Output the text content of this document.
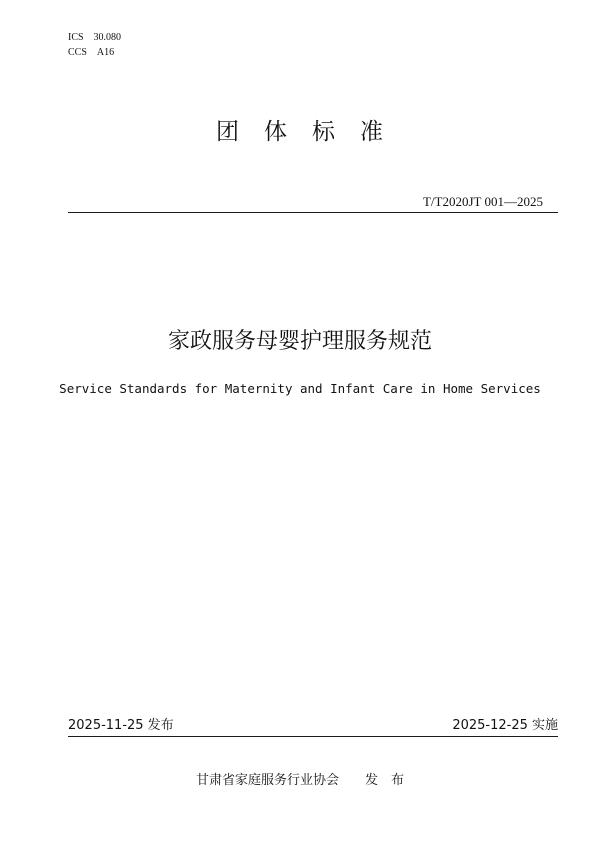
ICS　30.080
CCS　A16
团　体　标　准
T/T2020JT 001—2025
家政服务母婴护理服务规范
Service Standards for Maternity and Infant Care in Home Services
2025-11-25 发布	2025-12-25 实施
甘肃省家庭服务行业协会　　发　布
